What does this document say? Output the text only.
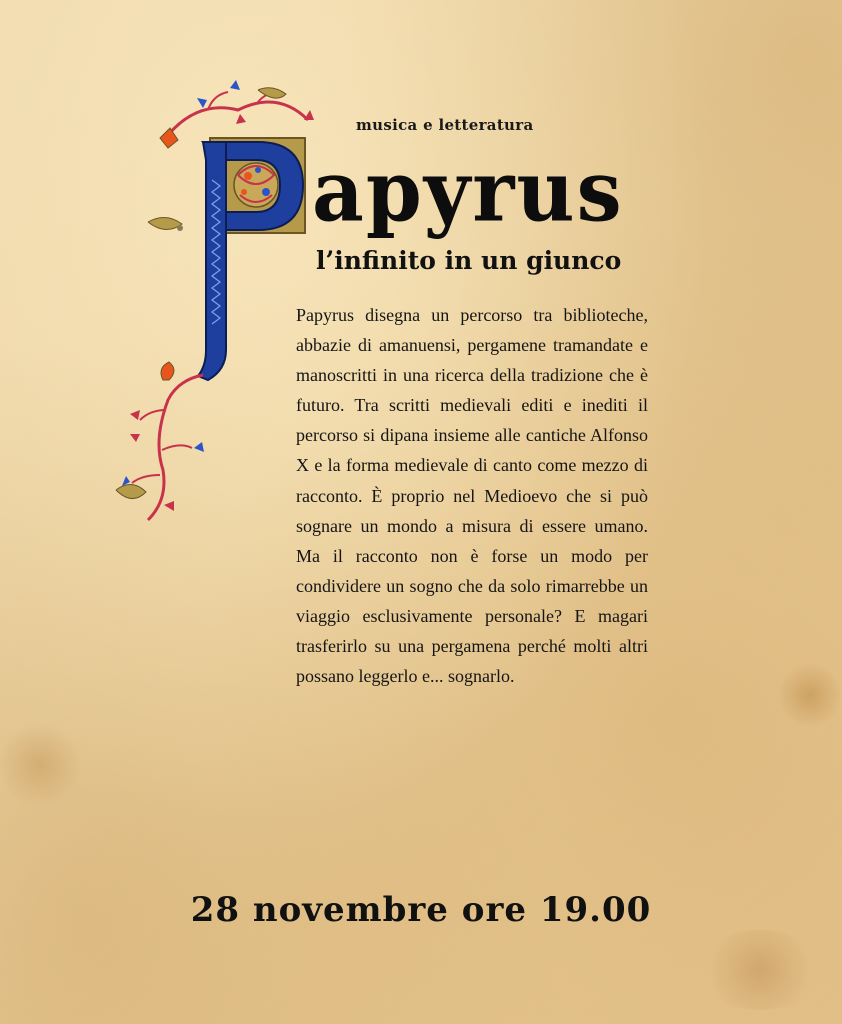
musica e letteratura
apyrus
l’infinito in un giunco
Papyrus disegna un percorso tra biblioteche, abbazie di amanuensi, pergamene tramandate e manoscritti in una ricerca della tradizione che è futuro. Tra scritti medievali editi e inediti il percorso si dipana insieme alle cantiche Alfonso X e la forma medievale di canto come mezzo di racconto. È proprio nel Medioevo che si può sognare un mondo a misura di essere umano. Ma il racconto non è forse un modo per condividere un sogno che da solo rimarrebbe un viaggio esclusivamente personale? E magari trasferirlo su una pergamena perché molti altri possano leggerlo e... sognarlo.
28 novembre ore 19.00
